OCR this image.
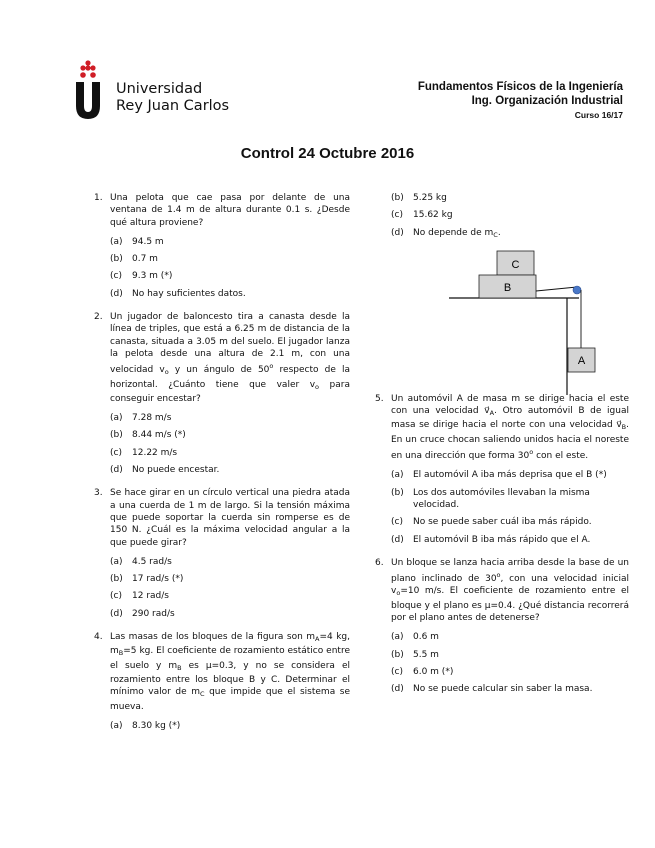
Universidad
Rey Juan Carlos
Fundamentos Físicos de la Ingeniería
Ing. Organización Industrial
Curso 16/17
Control 24 Octubre 2016
1. Una pelota que cae pasa por delante de una ventana de 1.4 m de altura durante 0.1 s. ¿Desde qué altura proviene?
(a) 94.5 m
(b) 0.7 m
(c) 9.3 m (*)
(d) No hay suficientes datos.
2. Un jugador de baloncesto tira a canasta desde la línea de triples, que está a 6.25 m de distancia de la canasta, situada a 3.05 m del suelo. El jugador lanza la pelota desde una altura de 2.1 m, con una velocidad $v_o$ y un ángulo de 50$^o$ respecto de la horizontal. ¿Cuánto tiene que valer $v_o$ para conseguir encestar?
(a) 7.28 m/s
(b) 8.44 m/s (*)
(c) 12.22 m/s
(d) No puede encestar.
3. Se hace girar en un círculo vertical una piedra atada a una cuerda de 1 m de largo. Si la tensión máxima que puede soportar la cuerda sin romperse es de 150 N. ¿Cuál es la máxima velocidad angular a la que puede girar?
(a) 4.5 rad/s
(b) 17 rad/s (*)
(c) 12 rad/s
(d) 290 rad/s
4. Las masas de los bloques de la figura son $m_A=4$ kg, $m_B=5$ kg. El coeficiente de rozamiento estático entre el suelo y $m_B$ es μ=0.3, y no se considera el rozamiento entre los bloque B y C. Determinar el mínimo valor de $m_C$ que impide que el sistema se mueva.
(a) 8.30 kg (*)
(b) 5.25 kg
(c) 15.62 kg
(d) No depende de $m_C$.
C
B
A
5. Un automóvil A de masa m se dirige hacia el este con una velocidad $v⃗_A$. Otro automóvil B de igual masa se dirige hacia el norte con una velocidad $v⃗_B$. En un cruce chocan saliendo unidos hacia el noreste en una dirección que forma 30$^o$ con el este.
(a) El automóvil A iba más deprisa que el B (*)
(b) Los dos automóviles llevaban la misma velocidad.
(c) No se puede saber cuál iba más rápido.
(d) El automóvil B iba más rápido que el A.
6. Un bloque se lanza hacia arriba desde la base de un plano inclinado de 30$^o$, con una velocidad inicial $v_o=10$ m/s. El coeficiente de rozamiento entre el bloque y el plano es μ=0.4. ¿Qué distancia recorrerá por el plano antes de detenerse?
(a) 0.6 m
(b) 5.5 m
(c) 6.0 m (*)
(d) No se puede calcular sin saber la masa.
